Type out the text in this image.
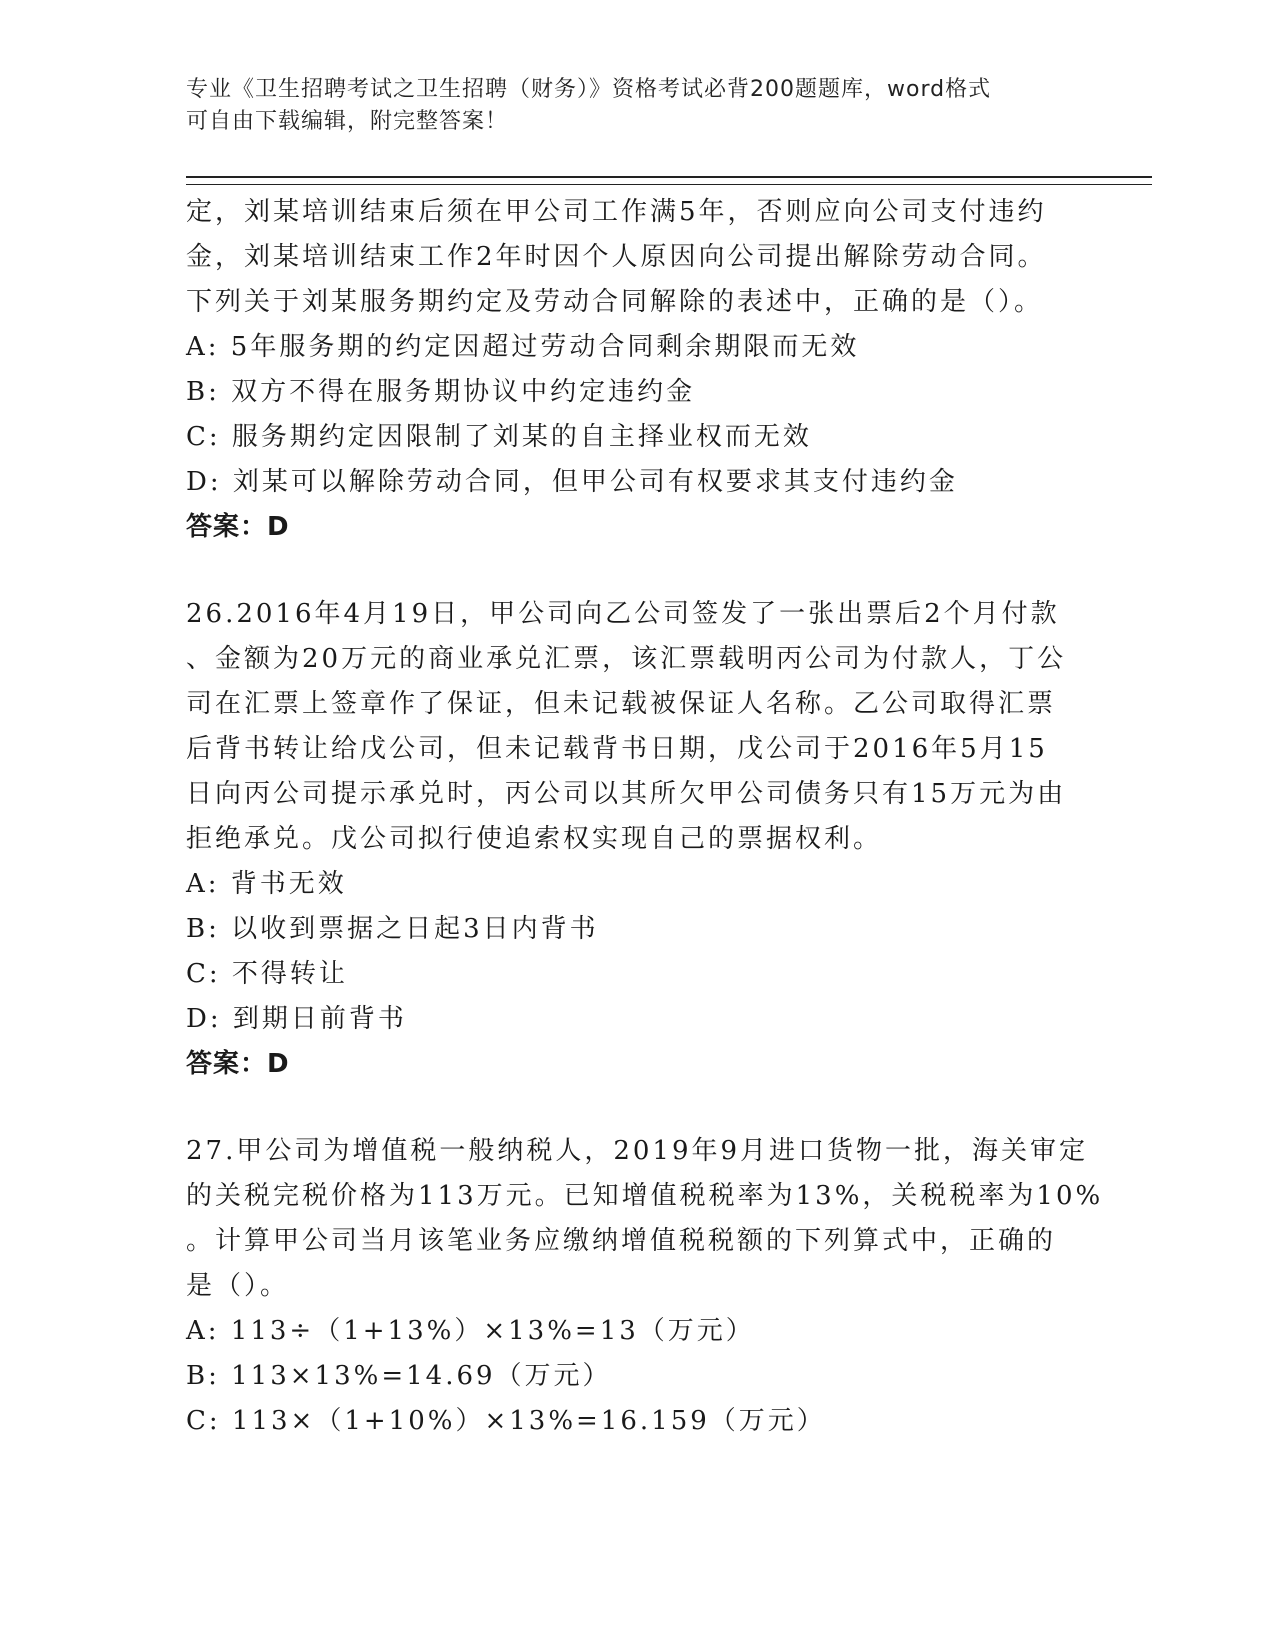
专业《卫生招聘考试之卫生招聘（财务）》资格考试必背200题题库，word格式
可自由下载编辑，附完整答案！
定，刘某培训结束后须在甲公司工作满5年，否则应向公司支付违约
金，刘某培训结束工作2年时因个人原因向公司提出解除劳动合同。
下列关于刘某服务期约定及劳动合同解除的表述中，正确的是（）。
A: 5年服务期的约定因超过劳动合同剩余期限而无效
B: 双方不得在服务期协议中约定违约金
C: 服务期约定因限制了刘某的自主择业权而无效
D: 刘某可以解除劳动合同，但甲公司有权要求其支付违约金
答案：D
26.2016年4月19日，甲公司向乙公司签发了一张出票后2个月付款
、金额为20万元的商业承兑汇票，该汇票载明丙公司为付款人，丁公
司在汇票上签章作了保证，但未记载被保证人名称。乙公司取得汇票
后背书转让给戊公司，但未记载背书日期，戊公司于2016年5月15
日向丙公司提示承兑时，丙公司以其所欠甲公司债务只有15万元为由
拒绝承兑。戊公司拟行使追索权实现自己的票据权利。
A: 背书无效
B: 以收到票据之日起3日内背书
C: 不得转让
D: 到期日前背书
答案：D
27.甲公司为增值税一般纳税人，2019年9月进口货物一批，海关审定
的关税完税价格为113万元。已知增值税税率为13%，关税税率为10%
。计算甲公司当月该笔业务应缴纳增值税税额的下列算式中，正确的
是（）。
A: 113÷（1+13%）×13%=13（万元）
B: 113×13%=14.69（万元）
C: 113×（1+10%）×13%=16.159（万元）
